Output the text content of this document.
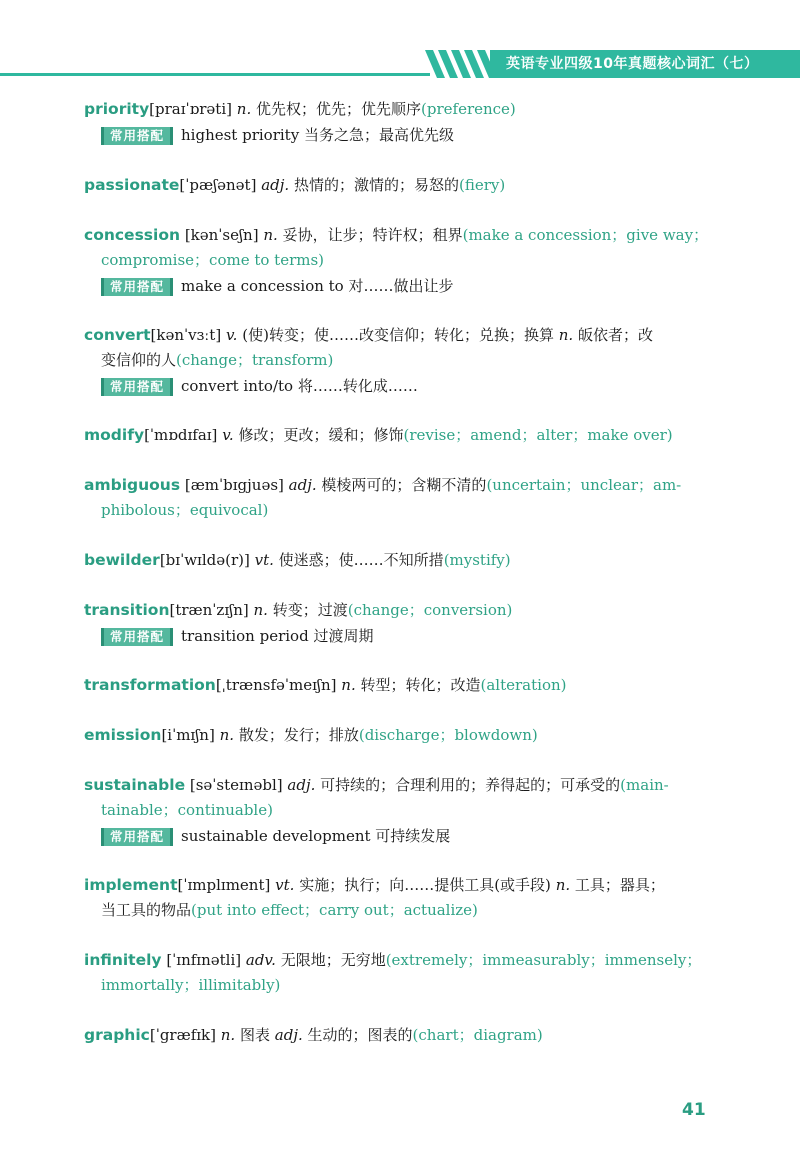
英语专业四级10年真题核心词汇（七）
priority[praɪˈɒrəti] n. 优先权；优先；优先顺序(preference)
常用搭配	highest priority 当务之急；最高优先级
passionate[ˈpæʃənət] adj. 热情的；激情的；易怒的(fiery)
concession [kənˈseʃn] n. 妥协，让步；特许权；租界(make a concession；give way；
compromise；come to terms)
常用搭配	make a concession to 对……做出让步
convert[kənˈvɜːt] v. (使)转变；使……改变信仰；转化；兑换；换算 n. 皈依者；改
变信仰的人(change；transform)
常用搭配	convert into/to 将……转化成……
modify[ˈmɒdɪfaɪ] v. 修改；更改；缓和；修饰(revise；amend；alter；make over)
ambiguous [æmˈbɪgjuəs] adj. 模棱两可的；含糊不清的(uncertain；unclear；am-
phibolous；equivocal)
bewilder[bɪˈwɪldə(r)] vt. 使迷惑；使……不知所措(mystify)
transition[trænˈzɪʃn] n. 转变；过渡(change；conversion)
常用搭配	transition period 过渡周期
transformation[ˌtrænsfəˈmeɪʃn] n. 转型；转化；改造(alteration)
emission[iˈmɪʃn] n. 散发；发行；排放(discharge；blowdown)
sustainable [səˈsteɪnəbl] adj. 可持续的；合理利用的；养得起的；可承受的(main-
tainable；continuable)
常用搭配	sustainable development 可持续发展
implement[ˈɪmplɪment] vt. 实施；执行；向……提供工具(或手段) n. 工具；器具；
当工具的物品(put into effect；carry out；actualize)
infinitely [ˈɪnfɪnətli] adv. 无限地；无穷地(extremely；immeasurably；immensely；
immortally；illimitably)
graphic[ˈgræfɪk] n. 图表 adj. 生动的；图表的(chart；diagram)
41
